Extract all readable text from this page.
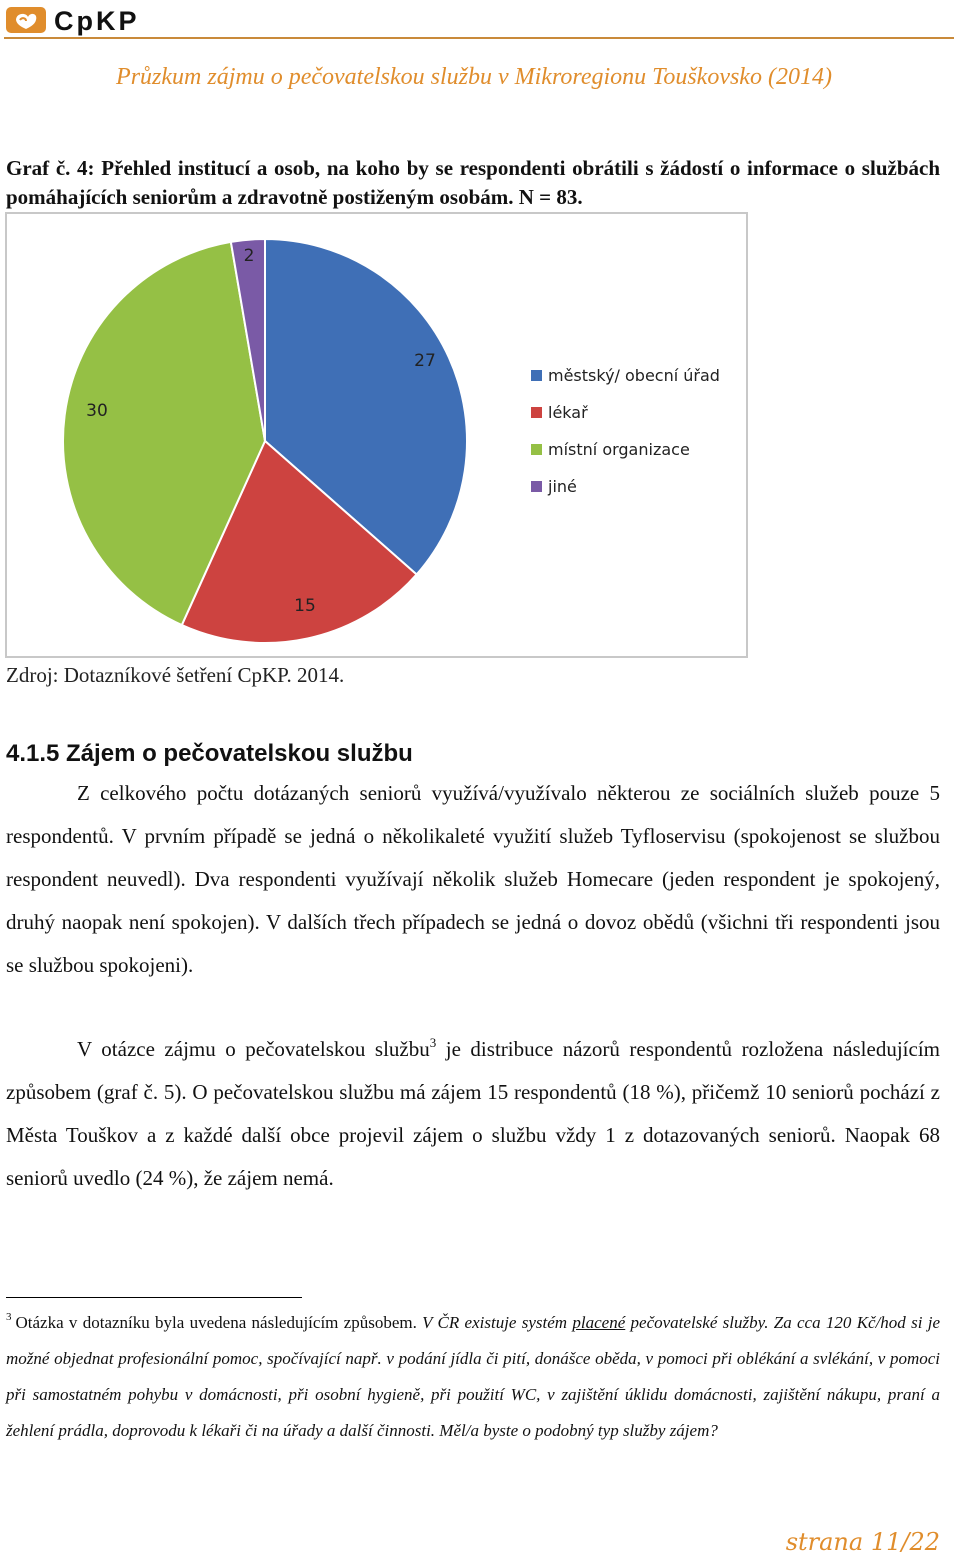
CpKP
Průzkum zájmu o pečovatelskou službu v Mikroregionu Touškovsko (2014)
Graf č. 4: Přehled institucí a osob, na koho by se respondenti obrátili s žádostí o informace o službách pomáhajících seniorům a zdravotně postiženým osobám. N = 83.
27
15
30
2
městský/ obecní úřad
lékař
místní organizace
jiné
Zdroj: Dotazníkové šetření CpKP. 2014.
4.1.5 Zájem o pečovatelskou službu

Z celkového počtu dotázaných seniorů využívá/využívalo některou ze sociálních služeb pouze 5 respondentů. V prvním případě se jedná o několikaleté využití služeb Tyfloservisu (spokojenost se službou respondent neuvedl). Dva respondenti využívají několik služeb Homecare (jeden respondent je spokojený, druhý naopak není spokojen). V dalších třech případech se jedná o dovoz obědů (všichni tři respondenti jsou se službou spokojeni).

V otázce zájmu o pečovatelskou službu$^3$ je distribuce názorů respondentů rozložena následujícím způsobem (graf č. 5). O pečovatelskou službu má zájem 15 respondentů (18 %), přičemž 10 seniorů pochází z Města Touškov a z každé další obce projevil zájem o službu vždy 1 z dotazovaných seniorů. Naopak 68 seniorů uvedlo (24 %), že zájem nemá.

$^3$ Otázka v dotazníku byla uvedena následujícím způsobem. V ČR existuje systém placené pečovatelské služby. Za cca 120 Kč/hod si je možné objednat profesionální pomoc, spočívající např. v podání jídla či pití, donášce oběda, v pomoci při oblékání a svlékání, v pomoci při samostatném pohybu v domácnosti, při osobní hygieně, při použití WC, v zajištění úklidu domácnosti, zajištění nákupu, praní a žehlení prádla, doprovodu k lékaři či na úřady a další činnosti. Měl/a byste o podobný typ služby zájem?

strana 11/22
